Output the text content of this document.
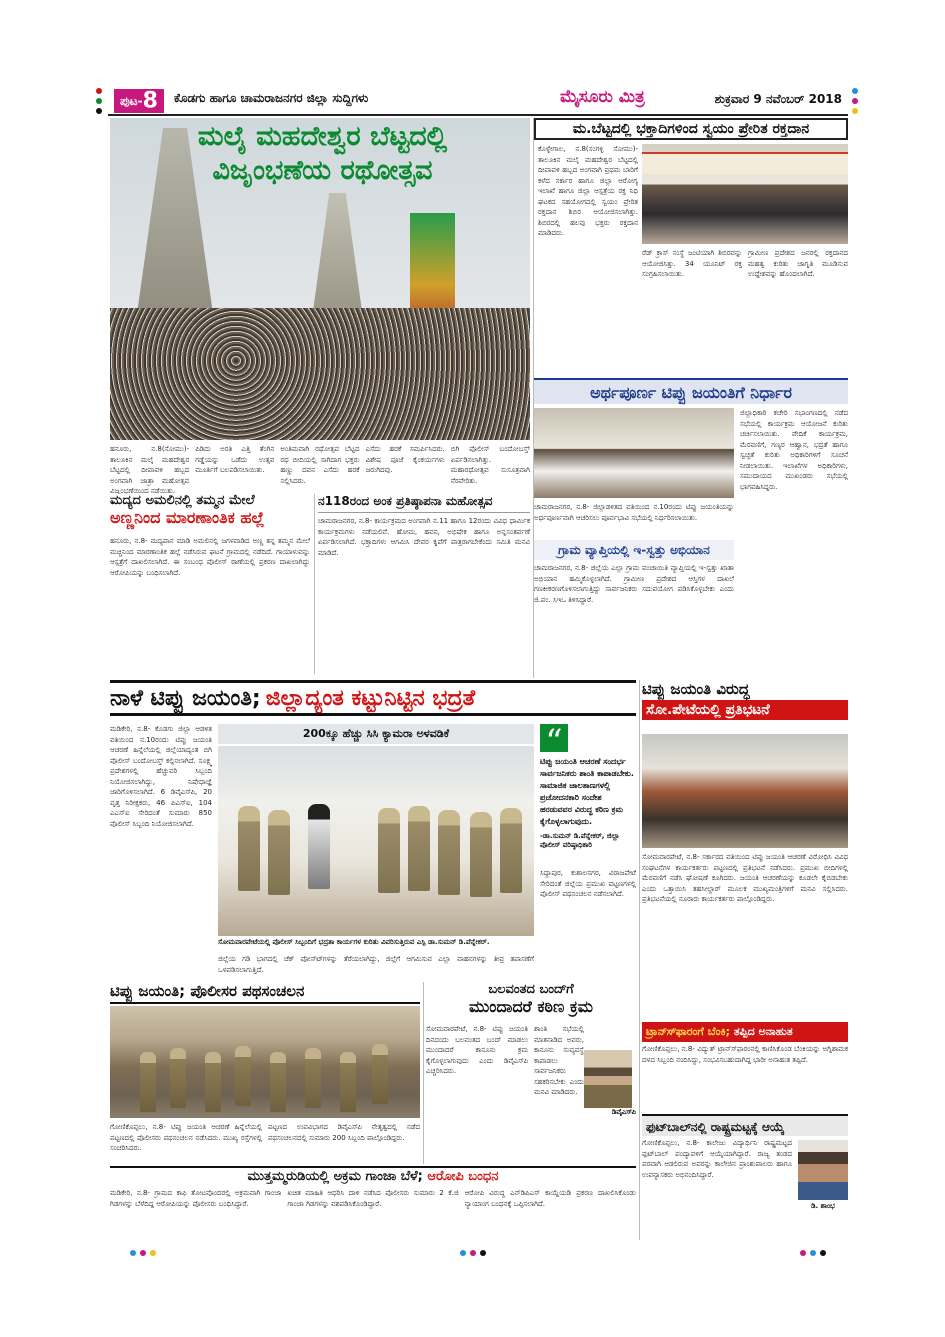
ಪುಟ-8	ಕೊಡಗು ಹಾಗೂ ಚಾಮರಾಜನಗರ ಜಿಲ್ಲಾ ಸುದ್ದಿಗಳು	ಮೈಸೂರು ಮಿತ್ರ	ಶುಕ್ರವಾರ 9 ನವೆಂಬರ್ 2018
ಮಲೈ ಮಹದೇಶ್ವರ ಬೆಟ್ಟದಲ್ಲಿ
ವಿಜೃಂಭಣೆಯ ರಥೋತ್ಸವ
ಹನೂರು, ನ.8(ಸೋಮು)- ತಾಲೂಕಿನ ಮಲೈ ಮಹದೇಶ್ವರ ಬೆಟ್ಟದಲ್ಲಿ ದೀಪಾವಳಿ ಹಬ್ಬದ ಅಂಗವಾಗಿ ಜಾತ್ರಾ ಮಹೋತ್ಸವ ವಿಜೃಂಭಣೆಯಿಂದ ನಡೆಯಿತು.
ಪಿಡಿದು ಅರತಿ ಎತ್ತಿ ತೆಂಗಿನ ಗಡ್ಡೆಯನ್ನು ಒಡೆದು ಉತ್ಸವ ಮೂರ್ತಿಗೆ ಬಲಪಡಿಸಲಾಯಿತು.
ಅಂತಿಮವಾಗಿ ರಥೋತ್ಸವ ಬೆಟ್ಟದ ರಥ ಬೀದಿಯಲ್ಲಿ ಸಾಗಿದಾಗ ಭಕ್ತರು ಹಣ್ಣು ದವನ ಎಸೆದು ಹರಕೆ ಸಲ್ಲಿಸಿದರು.
ಎಸೆದು ಹರಕೆ ಸಮರ್ಪಿಸಿದರು. ವಿಶೇಷ ಪೂಜೆ ಕೈಂಕರ್ಯಗಳು ಜರುಗಿದವು.
ಬಿಗಿ ಪೊಲೀಸ್ ಬಂದೋಬಸ್ತ್ ಏರ್ಪಡಿಸಲಾಗಿತ್ತು. ಮಹಾರಥೋತ್ಸವ ಸುಸೂತ್ರವಾಗಿ ನೆರವೇರಿತು.
ಮ.ಬೆಟ್ಟದಲ್ಲಿ ಭಕ್ತಾದಿಗಳಿಂದ ಸ್ವಯಂ ಪ್ರೇರಿತ ರಕ್ತದಾನ
ಕೊಳ್ಳೇಗಾಲ, ನ.8(ಸಂಗಳ್ಳಿ ಸೋಮು)- ತಾಲೂಕಿನ ಮಲೈ ಮಹದೇಶ್ವರ ಬೆಟ್ಟದಲ್ಲಿ ದೀಪಾವಳಿ ಹಬ್ಬದ ಅಂಗವಾಗಿ ಪ್ರಥಮ ಬಾರಿಗೆ ಕಳೆದ ಸರ್ಕಾರ ಹಾಗೂ ಜಿಲ್ಲಾ ಆರೋಗ್ಯ ಇಲಾಖೆ ಹಾಗೂ ಜಿಲ್ಲಾ ಆಸ್ಪತ್ರೆಯ ರಕ್ತ ನಿಧಿ ಘಟಕದ ಸಹಯೋಗದಲ್ಲಿ ಸ್ವಯಂ ಪ್ರೇರಿತ ರಕ್ತದಾನ ಶಿಬಿರ ಆಯೋಜಿಸಲಾಗಿತ್ತು. ಶಿಬಿರದಲ್ಲಿ ಹಲವು ಭಕ್ತರು ರಕ್ತದಾನ ಮಾಡಿದರು.
ರೆಡ್ ಕ್ರಾಸ್ ಸಂಸ್ಥೆ ಜಂಟಿಯಾಗಿ ಶಿಬಿರವನ್ನು ಆಯೋಜಿಸಿತ್ತು. 34 ಯೂನಿಟ್ ರಕ್ತ ಸಂಗ್ರಹಿಸಲಾಯಿತು.
ಗ್ರಾಮೀಣ ಪ್ರದೇಶದ ಜನರಲ್ಲಿ ರಕ್ತದಾನದ ಮಹತ್ವ ಕುರಿತು ಜಾಗೃತಿ ಮೂಡಿಸುವ ಉದ್ದೇಶವನ್ನು ಹೊಂದಲಾಗಿದೆ.
ಅರ್ಥಪೂರ್ಣ ಟಿಪ್ಪು ಜಯಂತಿಗೆ ನಿರ್ಧಾರ
ಚಾಮರಾಜನಗರ, ನ.8- ಜಿಲ್ಲಾಡಳಿತದ ವತಿಯಿಂದ ನ.10ರಂದು ಟಿಪ್ಪು ಜಯಂತಿಯನ್ನು ಅರ್ಥಪೂರ್ಣವಾಗಿ ಆಚರಿಸಲು ಪೂರ್ವಭಾವಿ ಸಭೆಯಲ್ಲಿ ನಿರ್ಧರಿಸಲಾಯಿತು.
ಜಿಲ್ಲಾಧಿಕಾರಿ ಕಚೇರಿ ಸಭಾಂಗಣದಲ್ಲಿ ನಡೆದ ಸಭೆಯಲ್ಲಿ ಕಾರ್ಯಕ್ರಮ ಆಯೋಜನೆ ಕುರಿತು ಚರ್ಚಿಸಲಾಯಿತು. ವೇದಿಕೆ ಕಾರ್ಯಕ್ರಮ, ಮೆರವಣಿಗೆ, ಗಣ್ಯರ ಆಹ್ವಾನ, ಭದ್ರತೆ ಹಾಗೂ ಸ್ವಚ್ಛತೆ ಕುರಿತು ಅಧಿಕಾರಿಗಳಿಗೆ ಸೂಚನೆ ನೀಡಲಾಯಿತು. ಇಲಾಖೆಗಳ ಅಧಿಕಾರಿಗಳು, ಸಮುದಾಯದ ಮುಖಂಡರು ಸಭೆಯಲ್ಲಿ ಭಾಗವಹಿಸಿದ್ದರು.
ಗ್ರಾಮ ವ್ಯಾಪ್ತಿಯಲ್ಲಿ ಇ-ಸ್ವತ್ತು ಅಭಿಯಾನ
ಚಾಮರಾಜನಗರ, ನ.8- ಜಿಲ್ಲೆಯ ಎಲ್ಲಾ ಗ್ರಾಮ ಪಂಚಾಯಿತಿ ವ್ಯಾಪ್ತಿಯಲ್ಲಿ ಇ-ಸ್ವತ್ತು ಖಾತಾ ಅಭಿಯಾನ ಹಮ್ಮಿಕೊಳ್ಳಲಾಗಿದೆ. ಗ್ರಾಮೀಣ ಪ್ರದೇಶದ ಆಸ್ತಿಗಳ ದಾಖಲೆ ಗಣಕೀಕರಣಗೊಳಿಸಲಾಗುತ್ತಿದ್ದು ಸಾರ್ವಜನಿಕರು ಸದುಪಯೋಗ ಪಡಿಸಿಕೊಳ್ಳಬೇಕು ಎಂದು ಜಿ.ಪಂ. ಸಿಇಒ ತಿಳಿಸಿದ್ದಾರೆ.
ಮದ್ಯದ ಅಮಲಿನಲ್ಲಿ ತಮ್ಮನ ಮೇಲೆ
ಅಣ್ಣನಿಂದ ಮಾರಣಾಂತಿಕ ಹಲ್ಲೆ
ಹನೂರು, ನ.8- ಮದ್ಯಪಾನ ಮಾಡಿ ಅಮಲಿನಲ್ಲಿ ಜಗಳವಾಡಿದ ಅಣ್ಣ ತನ್ನ ತಮ್ಮನ ಮೇಲೆ ಮಚ್ಚಿನಿಂದ ಮಾರಣಾಂತಿಕ ಹಲ್ಲೆ ನಡೆಸಿರುವ ಘಟನೆ ಗ್ರಾಮದಲ್ಲಿ ನಡೆದಿದೆ. ಗಾಯಾಳುವನ್ನು ಆಸ್ಪತ್ರೆಗೆ ದಾಖಲಿಸಲಾಗಿದೆ. ಈ ಸಂಬಂಧ ಪೊಲೀಸ್ ಠಾಣೆಯಲ್ಲಿ ಪ್ರಕರಣ ದಾಖಲಾಗಿದ್ದು ಆರೋಪಿಯನ್ನು ಬಂಧಿಸಲಾಗಿದೆ.
ನ118ರಂದ ಅಂಕ ಪ್ರತಿಷ್ಠಾಪನಾ ಮಹೋತ್ಸವ
ಚಾಮರಾಜನಗರ, ನ.8- ಕಾರ್ಯಕ್ರಮದ ಅಂಗವಾಗಿ ನ.11 ಹಾಗೂ 12ರಂದು ವಿವಿಧ ಧಾರ್ಮಿಕ ಕಾರ್ಯಕ್ರಮಗಳು ನಡೆಯಲಿವೆ. ಹೋಮ, ಹವನ, ಅಭಿಷೇಕ ಹಾಗೂ ಅನ್ನಸಂತರ್ಪಣೆ ಏರ್ಪಡಿಸಲಾಗಿದೆ. ಭಕ್ತಾದಿಗಳು ಆಗಮಿಸಿ ದೇವರ ಕೃಪೆಗೆ ಪಾತ್ರರಾಗಬೇಕೆಂದು ಸಮಿತಿ ಮನವಿ ಮಾಡಿದೆ.
ನಾಳೆ ಟಿಪ್ಪು ಜಯಂತಿ; ಜಿಲ್ಲಾದ್ಯಂತ ಕಟ್ಟುನಿಟ್ಟಿನ ಭದ್ರತೆ
ಮಡಿಕೇರಿ, ನ.8- ಕೊಡಗು ಜಿಲ್ಲಾ ಆಡಳಿತ ವತಿಯಿಂದ ನ.10ರಂದು ಟಿಪ್ಪು ಜಯಂತಿ ಆಚರಣೆ ಹಿನ್ನೆಲೆಯಲ್ಲಿ ಜಿಲ್ಲೆಯಾದ್ಯಂತ ಬಿಗಿ ಪೊಲೀಸ್ ಬಂದೋಬಸ್ತ್ ಕಲ್ಪಿಸಲಾಗಿದೆ. ಸೂಕ್ಷ್ಮ ಪ್ರದೇಶಗಳಲ್ಲಿ ಹೆಚ್ಚುವರಿ ಸಿಬ್ಬಂದಿ ನಿಯೋಜಿಸಲಾಗಿದ್ದು, ನಿಷೇಧಾಜ್ಞೆ ಜಾರಿಗೊಳಿಸಲಾಗಿದೆ. 6 ಡಿವೈಎಸ್‍ಪಿ, 20 ವೃತ್ತ ನಿರೀಕ್ಷಕರು, 46 ಪಿಎಸ್‍ಐ, 104 ಎಎಸ್‍ಐ ಸೇರಿದಂತೆ ಸುಮಾರು 850 ಪೊಲೀಸ್ ಸಿಬ್ಬಂದಿ ನಿಯೋಜಿಸಲಾಗಿದೆ.
200ಕ್ಕೂ ಹೆಚ್ಚು ಸಿಸಿ ಕ್ಯಾಮರಾ ಅಳವಡಿಕೆ
ಸೋಮವಾರಪೇಟೆಯಲ್ಲಿ ಪೊಲೀಸ್ ಸಿಬ್ಬಂದಿಗೆ ಭದ್ರತಾ ಕಾರ್ಯಗಳ ಕುರಿತು ವಿವರಿಸುತ್ತಿರುವ ಎಸ್ಪಿ ಡಾ.ಸುಮನ್ ಡಿ.ಪೆನ್ನೇಕರ್.
ಜಿಲ್ಲೆಯ ಗಡಿ ಭಾಗದಲ್ಲಿ ಚೆಕ್ ಪೋಸ್ಟ್‍ಗಳನ್ನು ತೆರೆಯಲಾಗಿದ್ದು, ಜಿಲ್ಲೆಗೆ ಆಗಮಿಸುವ ಎಲ್ಲಾ ವಾಹನಗಳನ್ನು ತೀವ್ರ ತಪಾಸಣೆಗೆ ಒಳಪಡಿಸಲಾಗುತ್ತಿದೆ.
“
ಟಿಪ್ಪು ಜಯಂತಿ ಆಚರಣೆ ಸಂದರ್ಭ ಸಾರ್ವಜನಿಕರು ಶಾಂತಿ ಕಾಪಾಡಬೇಕು. ಸಾಮಾಜಿಕ ಜಾಲತಾಣಗಳಲ್ಲಿ ಪ್ರಚೋದನಕಾರಿ ಸಂದೇಶ ಹರಡುವವರ ವಿರುದ್ಧ ಕಠಿಣ ಕ್ರಮ ಕೈಗೊಳ್ಳಲಾಗುವುದು.
-ಡಾ.ಸುಮನ್ ಡಿ.ಪೆನ್ನೇಕರ್, ಜಿಲ್ಲಾ ಪೊಲೀಸ್ ವರಿಷ್ಠಾಧಿಕಾರಿ
ಸಿದ್ದಾಪುರ, ಕುಶಾಲನಗರ, ವಿರಾಜಪೇಟೆ ಸೇರಿದಂತೆ ಜಿಲ್ಲೆಯ ಪ್ರಮುಖ ಪಟ್ಟಣಗಳಲ್ಲಿ ಪೊಲೀಸ್ ಪಥಸಂಚಲನ ನಡೆಸಲಾಗಿದೆ.
ಟಿಪ್ಪು ಜಯಂತಿ ವಿರುದ್ಧ
ಸೋ.ಪೇಟೆಯಲ್ಲಿ ಪ್ರತಿಭಟನೆ
ಸೋಮವಾರಪೇಟೆ, ನ.8- ಸರ್ಕಾರದ ವತಿಯಿಂದ ಟಿಪ್ಪು ಜಯಂತಿ ಆಚರಣೆ ವಿರೋಧಿಸಿ ವಿವಿಧ ಸಂಘಟನೆಗಳ ಕಾರ್ಯಕರ್ತರು ಪಟ್ಟಣದಲ್ಲಿ ಪ್ರತಿಭಟನೆ ನಡೆಸಿದರು. ಪ್ರಮುಖ ಬೀದಿಗಳಲ್ಲಿ ಮೆರವಣಿಗೆ ನಡೆಸಿ ಘೋಷಣೆ ಕೂಗಿದರು. ಜಯಂತಿ ಆಚರಣೆಯನ್ನು ಕೂಡಲೇ ಕೈಬಿಡಬೇಕು ಎಂದು ಒತ್ತಾಯಿಸಿ ತಹಸೀಲ್ದಾರ್ ಮೂಲಕ ಮುಖ್ಯಮಂತ್ರಿಗಳಿಗೆ ಮನವಿ ಸಲ್ಲಿಸಿದರು. ಪ್ರತಿಭಟನೆಯಲ್ಲಿ ನೂರಾರು ಕಾರ್ಯಕರ್ತರು ಪಾಲ್ಗೊಂಡಿದ್ದರು.
ಟಿಪ್ಪು ಜಯಂತಿ; ಪೊಲೀಸರ ಪಥಸಂಚಲನ
ಗೋಣಿಕೊಪ್ಪಲು, ನ.8- ಟಿಪ್ಪು ಜಯಂತಿ ಆಚರಣೆ ಹಿನ್ನೆಲೆಯಲ್ಲಿ ಪಟ್ಟಣದಲ್ಲಿ ಪೊಲೀಸರು ಪಥಸಂಚಲನ ನಡೆಸಿದರು. ಮುಖ್ಯ ರಸ್ತೆಗಳಲ್ಲಿ ಸಂಚರಿಸಿದರು.
ಪಟ್ಟಣದ ಉಪವಿಭಾಗದ ಡಿವೈಎಸ್‍ಪಿ ನೇತೃತ್ವದಲ್ಲಿ ನಡೆದ ಪಥಸಂಚಲನದಲ್ಲಿ ಸುಮಾರು 200 ಸಿಬ್ಬಂದಿ ಪಾಲ್ಗೊಂಡಿದ್ದರು.
ಬಲವಂತದ ಬಂದ್‍ಗೆ
ಮುಂದಾದರೆ ಕಠಿಣ ಕ್ರಮ
ಸೋಮವಾರಪೇಟೆ, ನ.8- ಟಿಪ್ಪು ಜಯಂತಿ ದಿನದಂದು ಬಲವಂತದ ಬಂದ್ ಮಾಡಲು ಮುಂದಾದರೆ ಕಾನೂನು ಕ್ರಮ ಕೈಗೊಳ್ಳಲಾಗುವುದು ಎಂದು ಡಿವೈಎಸ್‍ಪಿ ಎಚ್ಚರಿಸಿದರು.
ಶಾಂತಿ ಸಭೆಯಲ್ಲಿ ಮಾತನಾಡಿದ ಅವರು, ಕಾನೂನು ಸುವ್ಯವಸ್ಥೆ ಕಾಪಾಡಲು ಸಾರ್ವಜನಿಕರು ಸಹಕರಿಸಬೇಕು ಎಂದು ಮನವಿ ಮಾಡಿದರು.
ಡಿವೈಎಸ್‍ಪಿ
ಟ್ರಾನ್ಸ್‍ಫಾರಂಗೆ ಬೆಂಕಿ; ತಪ್ಪಿದ ಅನಾಹುತ
ಗೋಣಿಕೊಪ್ಪಲು, ನ.8- ವಿದ್ಯುತ್ ಟ್ರಾನ್ಸ್‍ಫಾರಂನಲ್ಲಿ ಕಾಣಿಸಿಕೊಂಡ ಬೆಂಕಿಯನ್ನು ಅಗ್ನಿಶಾಮಕ ದಳದ ಸಿಬ್ಬಂದಿ ನಂದಿಸಿದ್ದು, ಸಂಭವಿಸಬಹುದಾಗಿದ್ದ ಭಾರೀ ಅನಾಹುತ ತಪ್ಪಿದೆ.
ಫುಟ್‍ಬಾಲ್‍ನಲ್ಲಿ ರಾಷ್ಟ್ರಮಟ್ಟಕ್ಕೆ ಆಯ್ಕೆ
ಗೋಣಿಕೊಪ್ಪಲು, ನ.8- ಕಾಲೇಜು ವಿದ್ಯಾರ್ಥಿನಿ ರಾಷ್ಟ್ರಮಟ್ಟದ ಫುಟ್‍ಬಾಲ್ ಪಂದ್ಯಾವಳಿಗೆ ಆಯ್ಕೆಯಾಗಿದ್ದಾರೆ. ರಾಜ್ಯ ತಂಡದ ಪರವಾಗಿ ಆಡಲಿರುವ ಅವರನ್ನು ಕಾಲೇಜಿನ ಪ್ರಾಂಶುಪಾಲರು ಹಾಗೂ ಉಪನ್ಯಾಸಕರು ಅಭಿನಂದಿಸಿದ್ದಾರೆ.
ಡಿ. ಶಾಂಭ
ಮುತ್ತಮ್ಮರುಡಿಯಲ್ಲಿ ಅಕ್ರಮ ಗಾಂಜಾ ಬೆಳೆ; ಆರೋಪಿ ಬಂಧನ
ಮಡಿಕೇರಿ, ನ.8- ಗ್ರಾಮದ ಕಾಫಿ ತೋಟವೊಂದರಲ್ಲಿ ಅಕ್ರಮವಾಗಿ ಗಾಂಜಾ ಗಿಡಗಳನ್ನು ಬೆಳೆದಿದ್ದ ಆರೋಪಿಯನ್ನು ಪೊಲೀಸರು ಬಂಧಿಸಿದ್ದಾರೆ.
ಖಚಿತ ಮಾಹಿತಿ ಆಧರಿಸಿ ದಾಳಿ ನಡೆಸಿದ ಪೊಲೀಸರು ಸುಮಾರು 2 ಕೆ.ಜಿ ಗಾಂಜಾ ಗಿಡಗಳನ್ನು ವಶಪಡಿಸಿಕೊಂಡಿದ್ದಾರೆ.
ಆರೋಪಿ ವಿರುದ್ಧ ಎನ್‍ಡಿಪಿಎಸ್ ಕಾಯ್ದೆಯಡಿ ಪ್ರಕರಣ ದಾಖಲಿಸಿಕೊಂಡು ನ್ಯಾಯಾಂಗ ಬಂಧನಕ್ಕೆ ಒಪ್ಪಿಸಲಾಗಿದೆ.
